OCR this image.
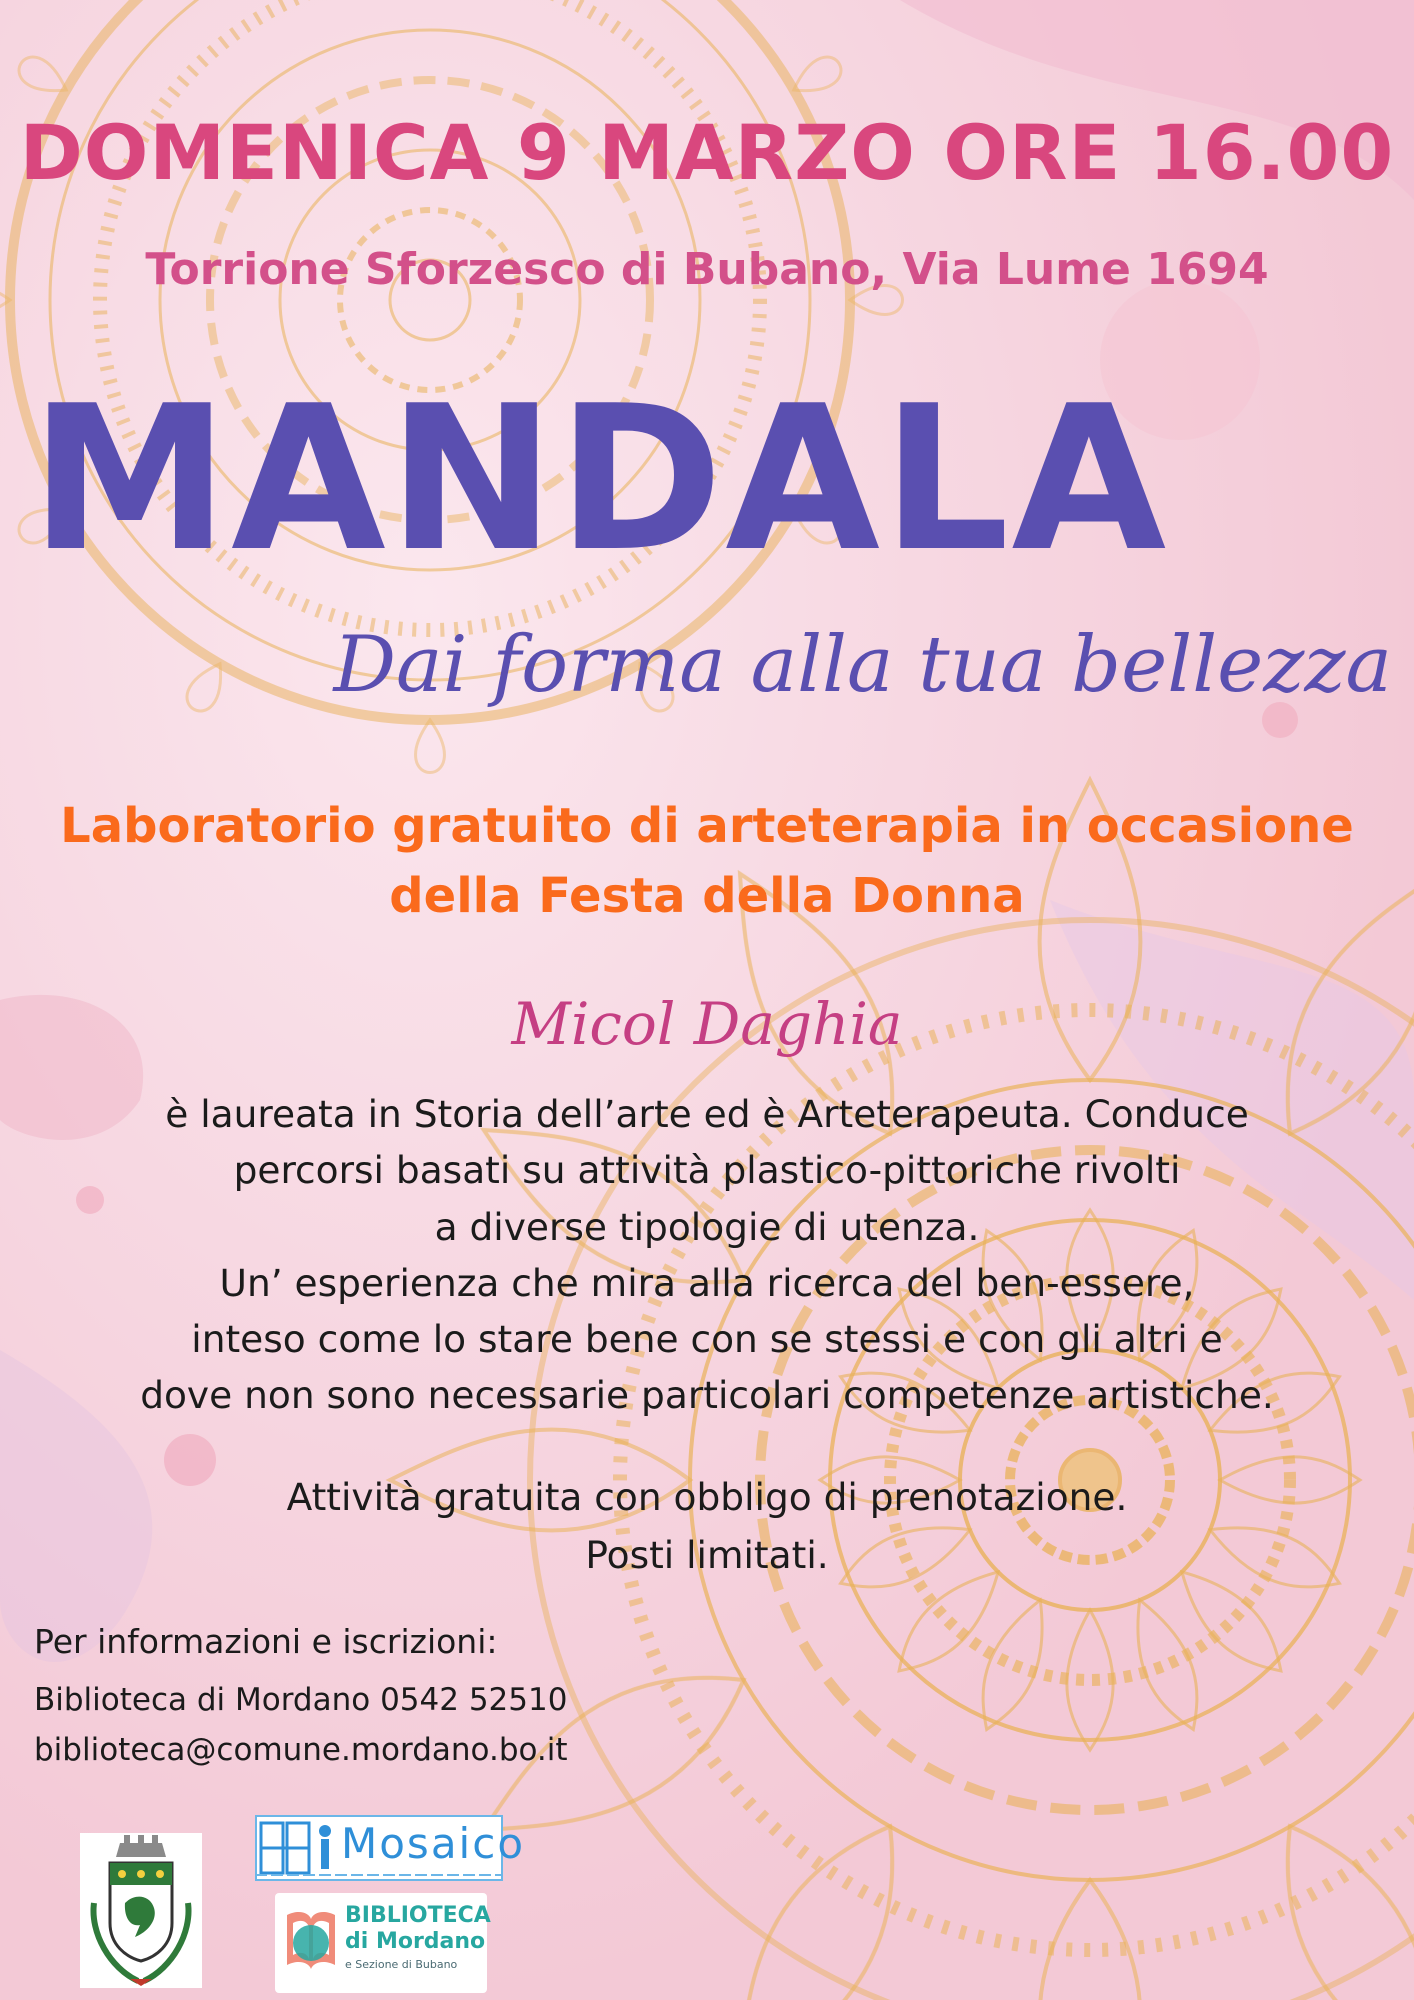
DOMENICA 9 MARZO ORE 16.00
Torrione Sforzesco di Bubano, Via Lume 1694
MANDALA
Dai forma alla tua bellezza
Laboratorio gratuito di arteterapia in occasione
della Festa della Donna
Micol Daghia
è laureata in Storia dell’arte ed è Arteterapeuta. Conduce
percorsi basati su attività plastico-pittoriche rivolti
a diverse tipologie di utenza.
Un’ esperienza che mira alla ricerca del ben-essere,
inteso come lo stare bene con se stessi e con gli altri e
dove non sono necessarie particolari competenze artistiche.
Attività gratuita con obbligo di prenotazione.
Posti limitati.
Per informazioni e iscrizioni:
Biblioteca di Mordano 0542 52510
biblioteca@comune.mordano.bo.it
Mosaico
BIBLIOTECA
di Mordano
e Sezione di Bubano
